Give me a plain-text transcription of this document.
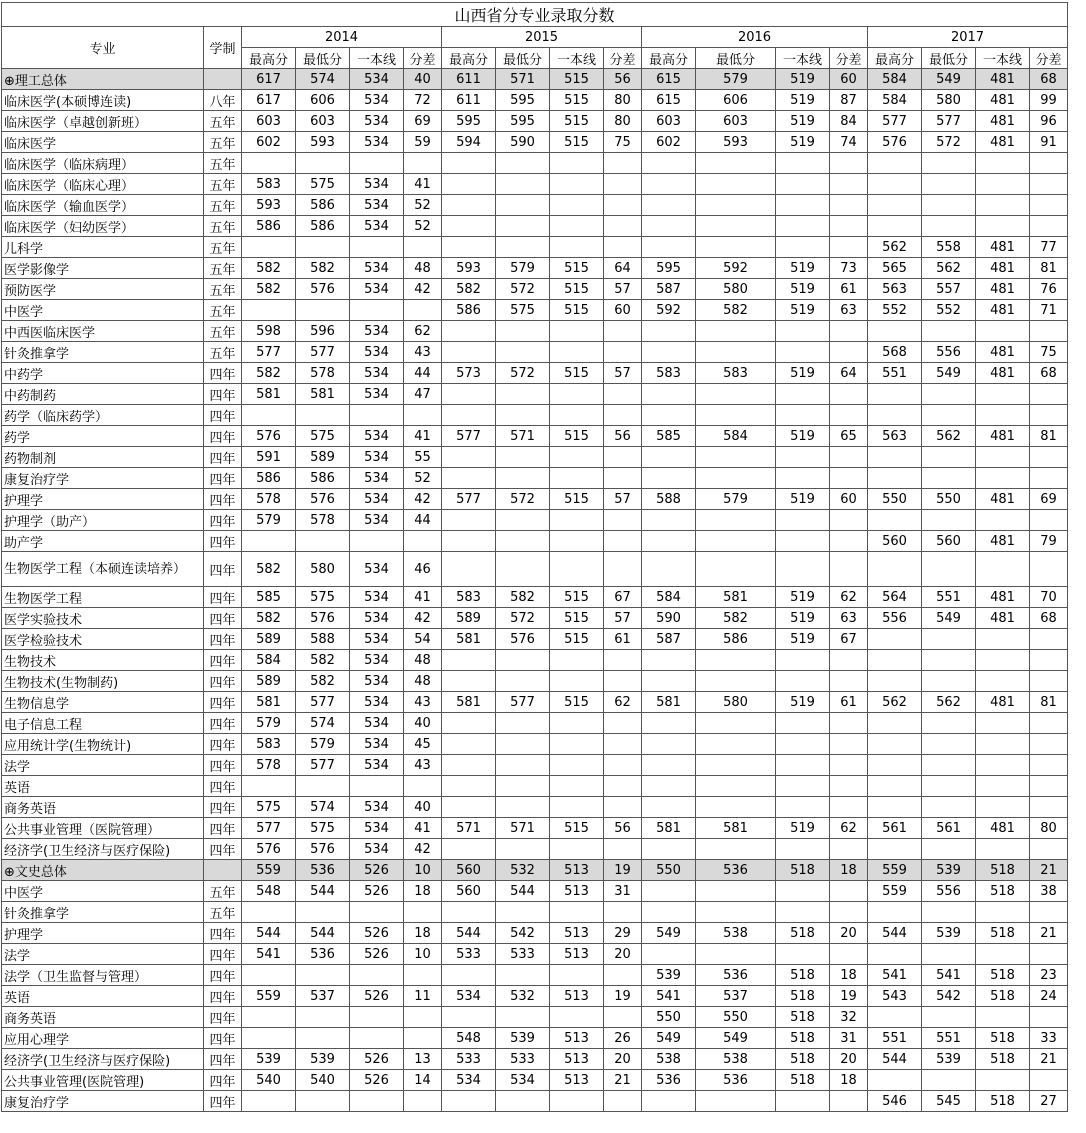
山西省分专业录取分数																	
专业	学制	2014				2015				2016				2017			
		最高分	最低分	一本线	分差	最高分	最低分	一本线	分差	最高分	最低分	一本线	分差	最高分	最低分	一本线	分差
⊕理工总体		617	574	534	40	611	571	515	56	615	579	519	60	584	549	481	68
临床医学(本硕博连读)	八年	617	606	534	72	611	595	515	80	615	606	519	87	584	580	481	99
临床医学（卓越创新班）	五年	603	603	534	69	595	595	515	80	603	603	519	84	577	577	481	96
临床医学	五年	602	593	534	59	594	590	515	75	602	593	519	74	576	572	481	91
临床医学（临床病理）	五年																
临床医学（临床心理）	五年	583	575	534	41												
临床医学（输血医学）	五年	593	586	534	52												
临床医学（妇幼医学）	五年	586	586	534	52												
儿科学	五年													562	558	481	77
医学影像学	五年	582	582	534	48	593	579	515	64	595	592	519	73	565	562	481	81
预防医学	五年	582	576	534	42	582	572	515	57	587	580	519	61	563	557	481	76
中医学	五年					586	575	515	60	592	582	519	63	552	552	481	71
中西医临床医学	五年	598	596	534	62												
针灸推拿学	五年	577	577	534	43									568	556	481	75
中药学	四年	582	578	534	44	573	572	515	57	583	583	519	64	551	549	481	68
中药制药	四年	581	581	534	47												
药学（临床药学）	四年																
药学	四年	576	575	534	41	577	571	515	56	585	584	519	65	563	562	481	81
药物制剂	四年	591	589	534	55												
康复治疗学	四年	586	586	534	52												
护理学	四年	578	576	534	42	577	572	515	57	588	579	519	60	550	550	481	69
护理学（助产）	四年	579	578	534	44												
助产学	四年													560	560	481	79
生物医学工程（本硕连读培养）	四年	582	580	534	46												
生物医学工程	四年	585	575	534	41	583	582	515	67	584	581	519	62	564	551	481	70
医学实验技术	四年	582	576	534	42	589	572	515	57	590	582	519	63	556	549	481	68
医学检验技术	四年	589	588	534	54	581	576	515	61	587	586	519	67				
生物技术	四年	584	582	534	48												
生物技术(生物制药)	四年	589	582	534	48												
生物信息学	四年	581	577	534	43	581	577	515	62	581	580	519	61	562	562	481	81
电子信息工程	四年	579	574	534	40												
应用统计学(生物统计)	四年	583	579	534	45												
法学	四年	578	577	534	43												
英语	四年																
商务英语	四年	575	574	534	40												
公共事业管理（医院管理）	四年	577	575	534	41	571	571	515	56	581	581	519	62	561	561	481	80
经济学(卫生经济与医疗保险)	四年	576	576	534	42												
⊕文史总体		559	536	526	10	560	532	513	19	550	536	518	18	559	539	518	21
中医学	五年	548	544	526	18	560	544	513	31					559	556	518	38
针灸推拿学	五年																
护理学	四年	544	544	526	18	544	542	513	29	549	538	518	20	544	539	518	21
法学	四年	541	536	526	10	533	533	513	20								
法学（卫生监督与管理）	四年									539	536	518	18	541	541	518	23
英语	四年	559	537	526	11	534	532	513	19	541	537	518	19	543	542	518	24
商务英语	四年									550	550	518	32				
应用心理学	四年					548	539	513	26	549	549	518	31	551	551	518	33
经济学(卫生经济与医疗保险)	四年	539	539	526	13	533	533	513	20	538	538	518	20	544	539	518	21
公共事业管理(医院管理)	四年	540	540	526	14	534	534	513	21	536	536	518	18				
康复治疗学	四年													546	545	518	27
